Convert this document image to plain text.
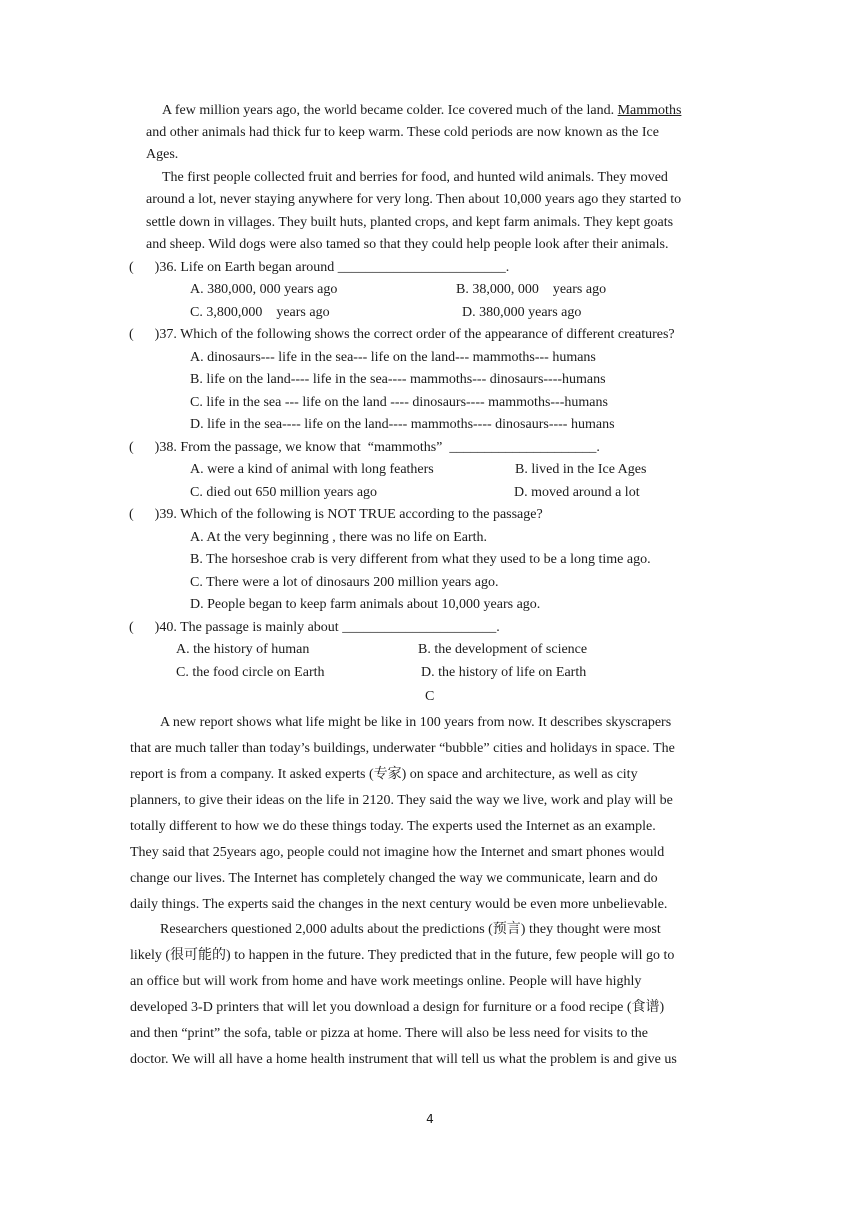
A few million years ago, the world became colder. Ice covered much of the land. Mammoths
and other animals had thick fur to keep warm. These cold periods are now known as the Ice
Ages.
The first people collected fruit and berries for food, and hunted wild animals. They moved
around a lot, never staying anywhere for very long. Then about 10,000 years ago they started to
settle down in villages. They built huts, planted crops, and kept farm animals. They kept goats
and sheep. Wild dogs were also tamed so that they could help people look after their animals.
(      )36. Life on Earth began around ________________________.
A. 380,000, 000 years ago	B. 38,000, 000    years ago
C. 3,800,000    years ago	D. 380,000 years ago
(      )37. Which of the following shows the correct order of the appearance of different creatures?
A. dinosaurs--- life in the sea--- life on the land--- mammoths--- humans
B. life on the land---- life in the sea---- mammoths--- dinosaurs----humans
C. life in the sea --- life on the land ---- dinosaurs---- mammoths---humans
D. life in the sea---- life on the land---- mammoths---- dinosaurs---- humans
(      )38. From the passage, we know that  “mammoths”  _____________________.
A. were a kind of animal with long feathers	B. lived in the Ice Ages
C. died out 650 million years ago	D. moved around a lot
(      )39. Which of the following is NOT TRUE according to the passage?
A. At the very beginning , there was no life on Earth.
B. The horseshoe crab is very different from what they used to be a long time ago.
C. There were a lot of dinosaurs 200 million years ago.
D. People began to keep farm animals about 10,000 years ago.
(      )40. The passage is mainly about ______________________.
A. the history of human	B. the development of science
C. the food circle on Earth	D. the history of life on Earth
C
A new report shows what life might be like in 100 years from now. It describes skyscrapers
that are much taller than today’s buildings, underwater “bubble” cities and holidays in space. The
report is from a company. It asked experts (专家) on space and architecture, as well as city
planners, to give their ideas on the life in 2120. They said the way we live, work and play will be
totally different to how we do these things today. The experts used the Internet as an example.
They said that 25years ago, people could not imagine how the Internet and smart phones would
change our lives. The Internet has completely changed the way we communicate, learn and do
daily things. The experts said the changes in the next century would be even more unbelievable.
Researchers questioned 2,000 adults about the predictions (预言) they thought were most
likely (很可能的) to happen in the future. They predicted that in the future, few people will go to
an office but will work from home and have work meetings online. People will have highly
developed 3-D printers that will let you download a design for furniture or a food recipe (食谱)
and then “print” the sofa, table or pizza at home. There will also be less need for visits to the
doctor. We will all have a home health instrument that will tell us what the problem is and give us
4
